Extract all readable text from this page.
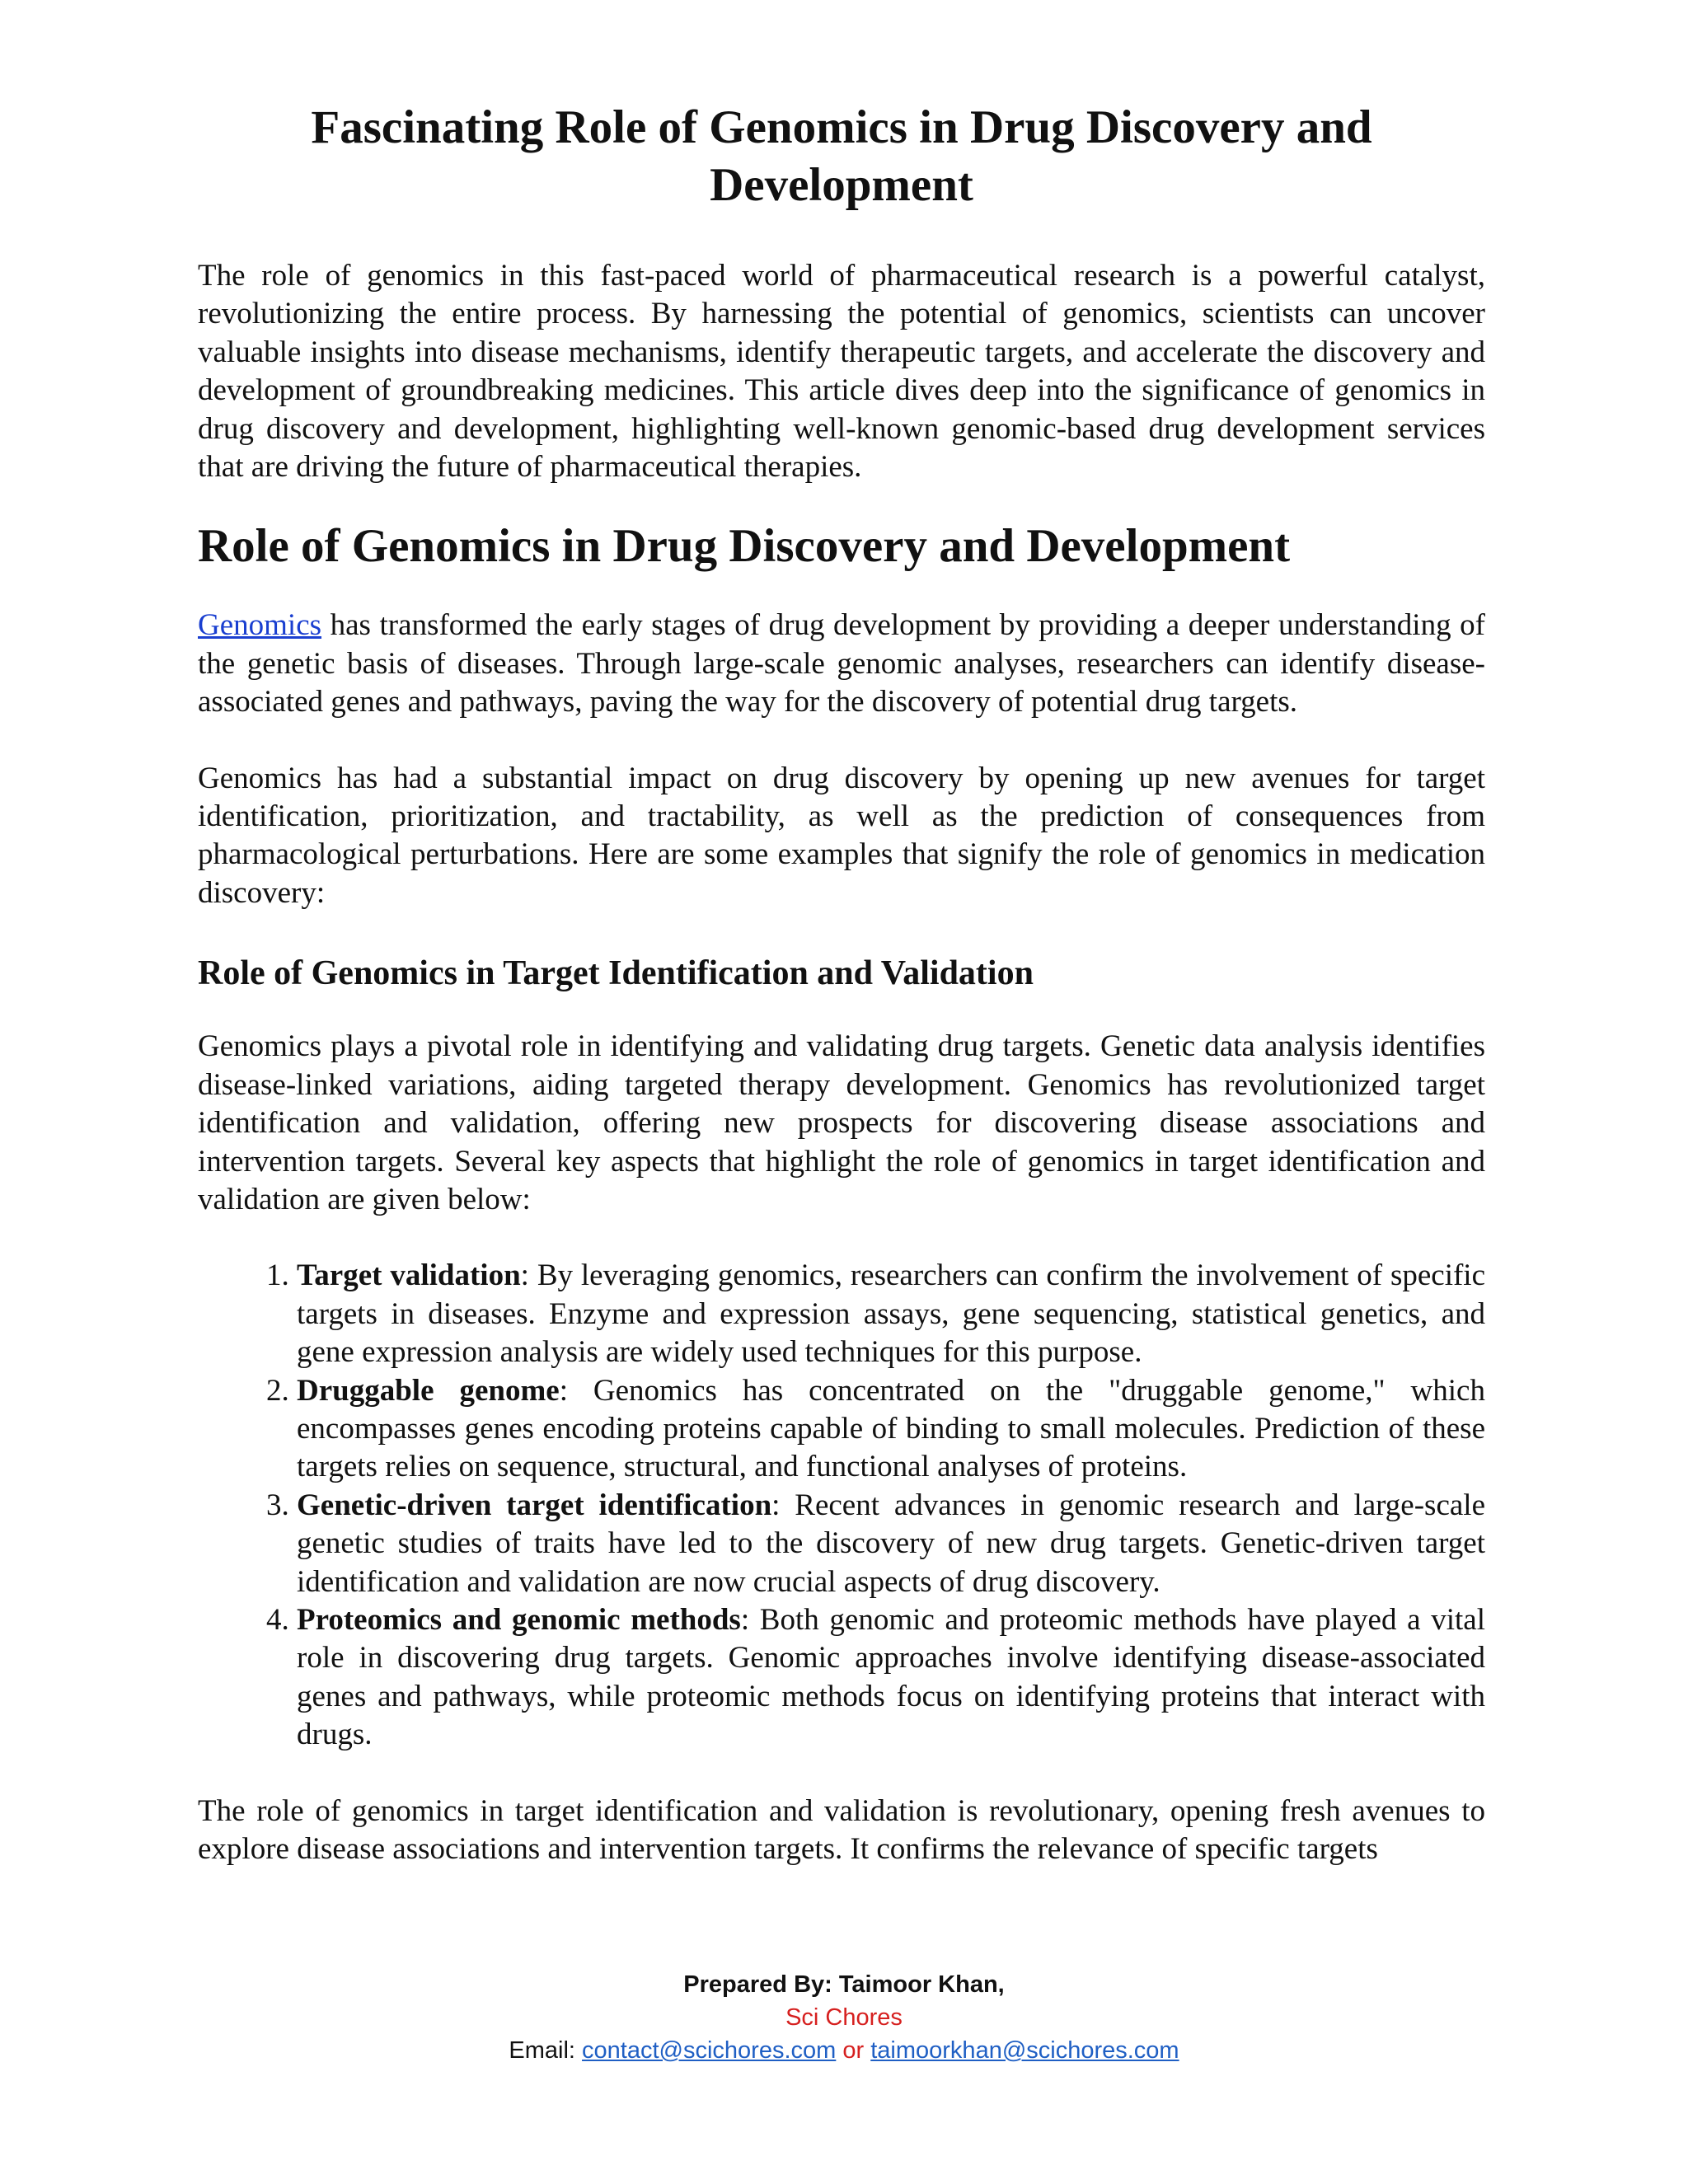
Fascinating Role of Genomics in Drug Discovery and Development

The role of genomics in this fast-paced world of pharmaceutical research is a powerful catalyst, revolutionizing the entire process. By harnessing the potential of genomics, scientists can uncover valuable insights into disease mechanisms, identify therapeutic targets, and accelerate the discovery and development of groundbreaking medicines. This article dives deep into the significance of genomics in drug discovery and development, highlighting well-known genomic-based drug development services that are driving the future of pharmaceutical therapies.

Role of Genomics in Drug Discovery and Development

Genomics has transformed the early stages of drug development by providing a deeper understanding of the genetic basis of diseases. Through large-scale genomic analyses, researchers can identify disease-associated genes and pathways, paving the way for the discovery of potential drug targets.

Genomics has had a substantial impact on drug discovery by opening up new avenues for target identification, prioritization, and tractability, as well as the prediction of consequences from pharmacological perturbations. Here are some examples that signify the role of genomics in medication discovery:

Role of Genomics in Target Identification and Validation

Genomics plays a pivotal role in identifying and validating drug targets. Genetic data analysis identifies disease-linked variations, aiding targeted therapy development. Genomics has revolutionized target identification and validation, offering new prospects for discovering disease associations and intervention targets. Several key aspects that highlight the role of genomics in target identification and validation are given below:

1. Target validation: By leveraging genomics, researchers can confirm the involvement of specific targets in diseases. Enzyme and expression assays, gene sequencing, statistical genetics, and gene expression analysis are widely used techniques for this purpose.
2. Druggable genome: Genomics has concentrated on the "druggable genome," which encompasses genes encoding proteins capable of binding to small molecules. Prediction of these targets relies on sequence, structural, and functional analyses of proteins.
3. Genetic-driven target identification: Recent advances in genomic research and large-scale genetic studies of traits have led to the discovery of new drug targets. Genetic-driven target identification and validation are now crucial aspects of drug discovery.
4. Proteomics and genomic methods: Both genomic and proteomic methods have played a vital role in discovering drug targets. Genomic approaches involve identifying disease-associated genes and pathways, while proteomic methods focus on identifying proteins that interact with drugs.

The role of genomics in target identification and validation is revolutionary, opening fresh avenues to explore disease associations and intervention targets. It confirms the relevance of specific targets

Prepared By: Taimoor Khan,
Sci Chores
Email: contact@scichores.com or taimoorkhan@scichores.com
